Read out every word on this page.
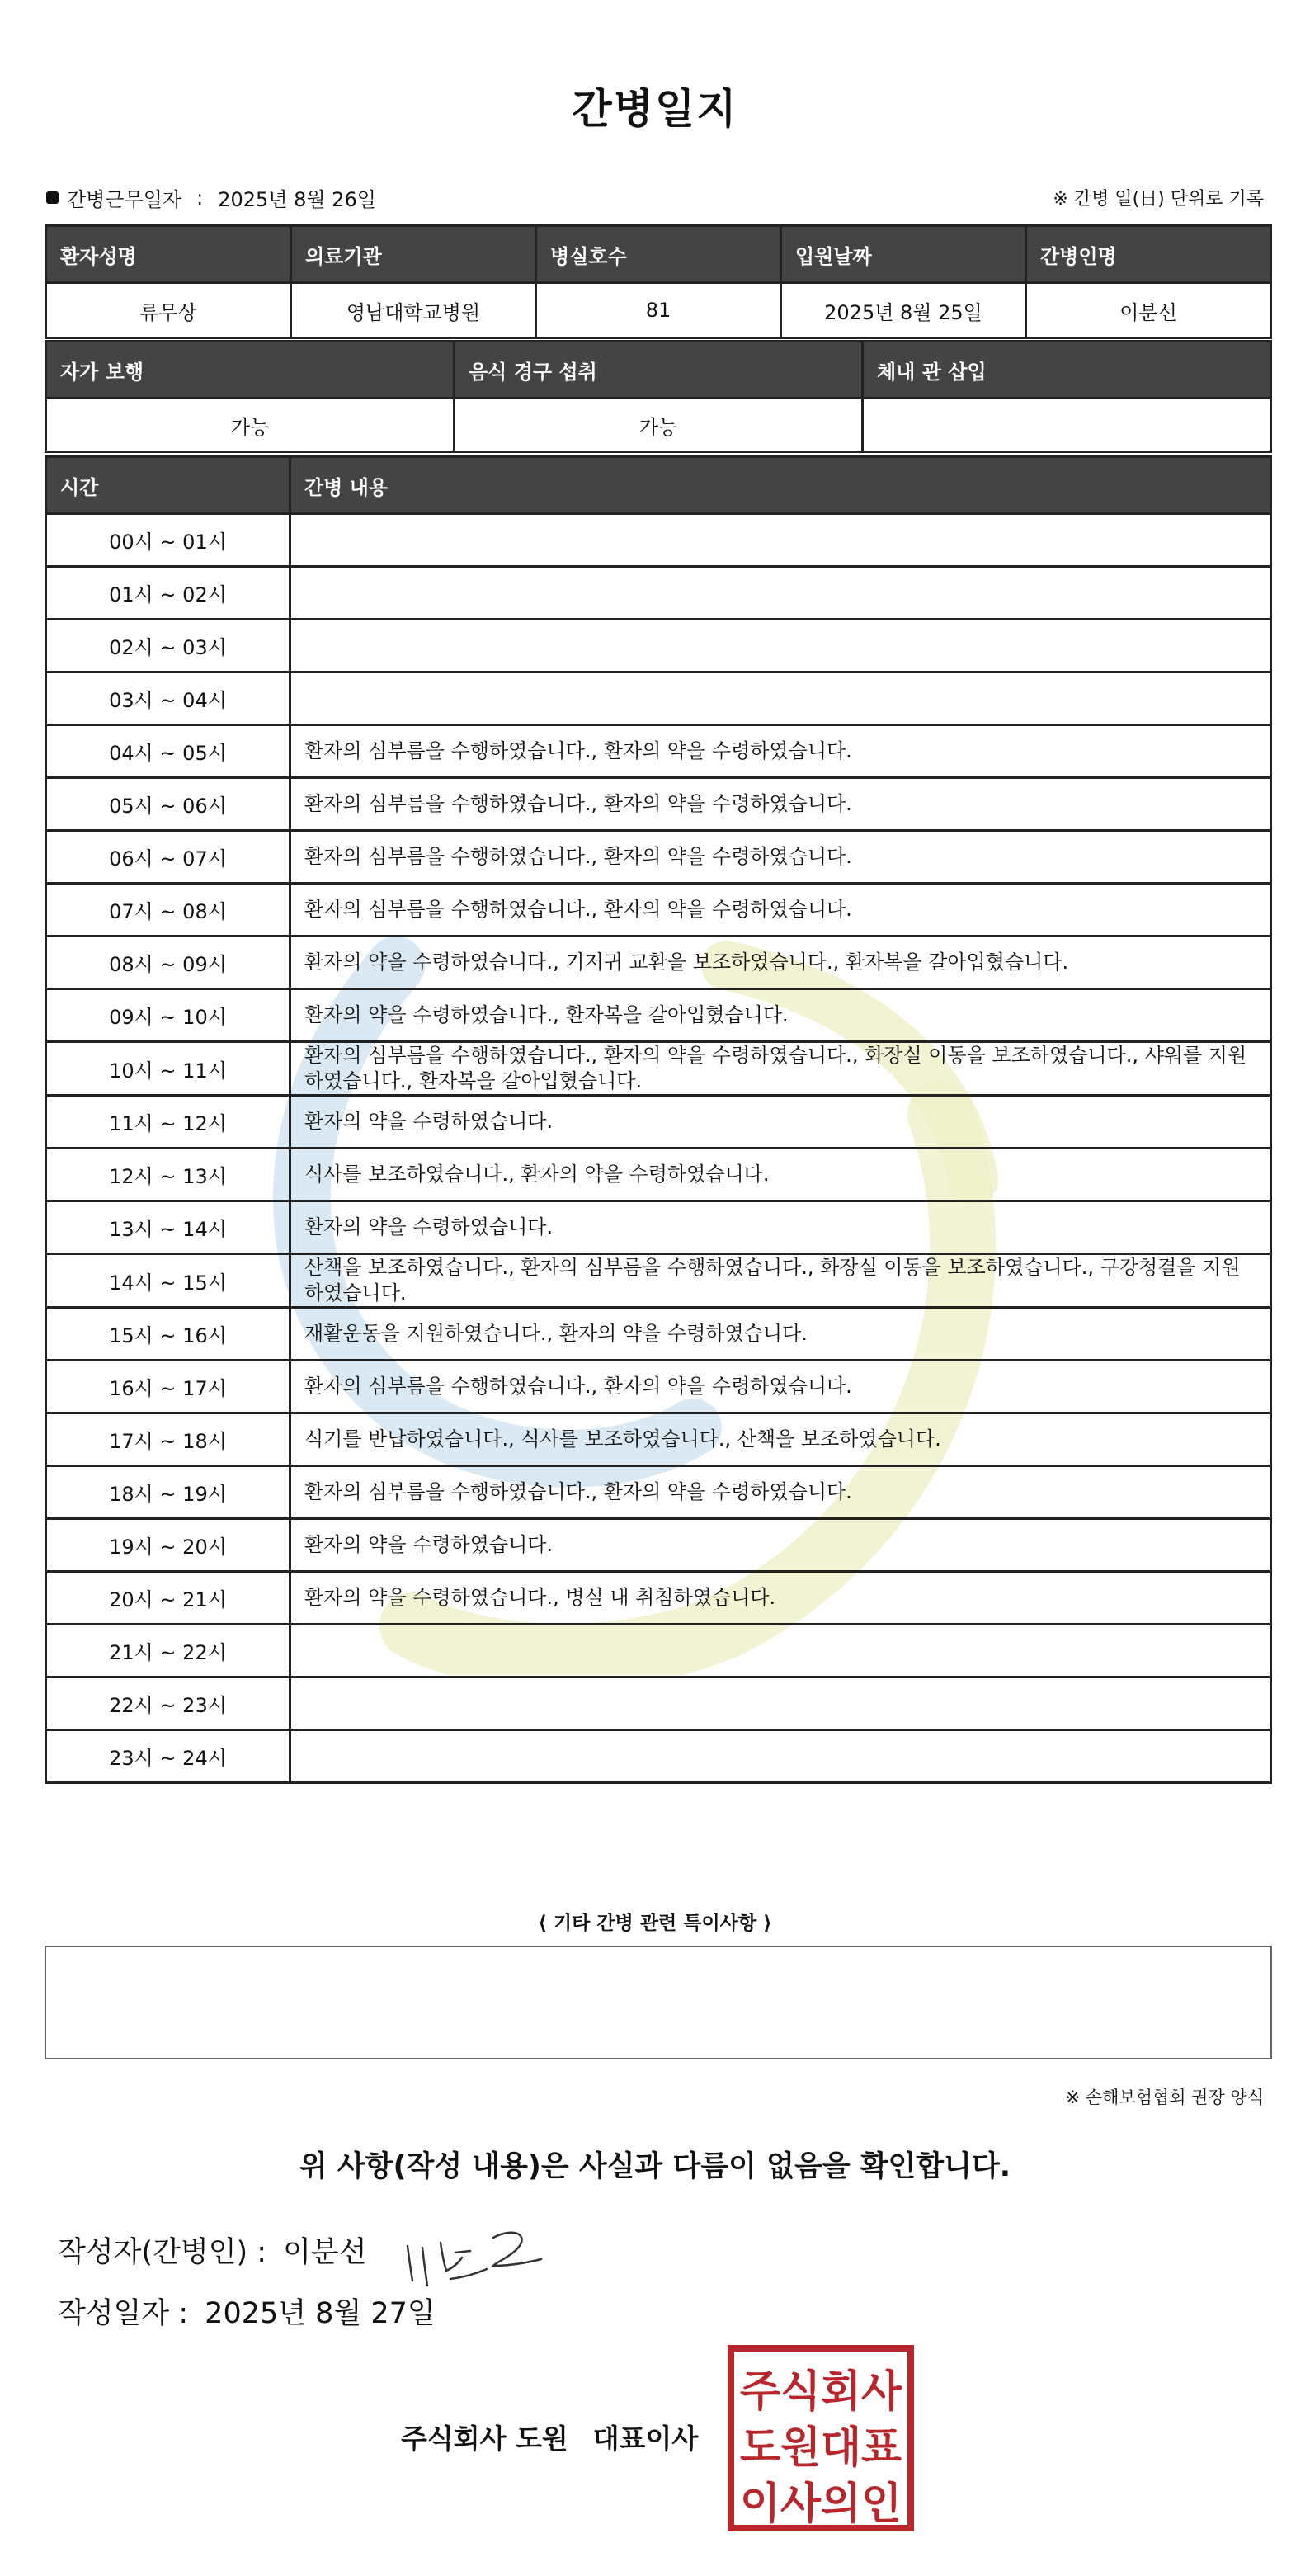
간병일지
간병근무일자 : 2025년 8월 26일	※ 간병 일(日) 단위로 기록
환자성명	의료기관	병실호수	입원날짜	간병인명
류무상	영남대학교병원	81	2025년 8월 25일	이분선
자가 보행	음식 경구 섭취	체내 관 삽입
가능	가능	
시간	간병 내용
00시 ~ 01시	
01시 ~ 02시	
02시 ~ 03시	
03시 ~ 04시	
04시 ~ 05시	환자의 심부름을 수행하였습니다., 환자의 약을 수령하였습니다.
05시 ~ 06시	환자의 심부름을 수행하였습니다., 환자의 약을 수령하였습니다.
06시 ~ 07시	환자의 심부름을 수행하였습니다., 환자의 약을 수령하였습니다.
07시 ~ 08시	환자의 심부름을 수행하였습니다., 환자의 약을 수령하였습니다.
08시 ~ 09시	환자의 약을 수령하였습니다., 기저귀 교환을 보조하였습니다., 환자복을 갈아입혔습니다.
09시 ~ 10시	환자의 약을 수령하였습니다., 환자복을 갈아입혔습니다.
10시 ~ 11시	환자의 심부름을 수행하였습니다., 환자의 약을 수령하였습니다., 화장실 이동을 보조하였습니다., 샤워를 지원하였습니다., 환자복을 갈아입혔습니다.
11시 ~ 12시	환자의 약을 수령하였습니다.
12시 ~ 13시	식사를 보조하였습니다., 환자의 약을 수령하였습니다.
13시 ~ 14시	환자의 약을 수령하였습니다.
14시 ~ 15시	산책을 보조하였습니다., 환자의 심부름을 수행하였습니다., 화장실 이동을 보조하였습니다., 구강청결을 지원하였습니다.
15시 ~ 16시	재활운동을 지원하였습니다., 환자의 약을 수령하였습니다.
16시 ~ 17시	환자의 심부름을 수행하였습니다., 환자의 약을 수령하였습니다.
17시 ~ 18시	식기를 반납하였습니다., 식사를 보조하였습니다., 산책을 보조하였습니다.
18시 ~ 19시	환자의 심부름을 수행하였습니다., 환자의 약을 수령하였습니다.
19시 ~ 20시	환자의 약을 수령하였습니다.
20시 ~ 21시	환자의 약을 수령하였습니다., 병실 내 취침하였습니다.
21시 ~ 22시	
22시 ~ 23시	
23시 ~ 24시	
⟨ 기타 간병 관련 특이사항 ⟩
※ 손해보험협회 권장 양식
위 사항(작성 내용)은 사실과 다름이 없음을 확인합니다.
작성자(간병인) : 이분선
작성일자 : 2025년 8월 27일
주식회사 도원 대표이사
주식회사
도원대표
이사의인
